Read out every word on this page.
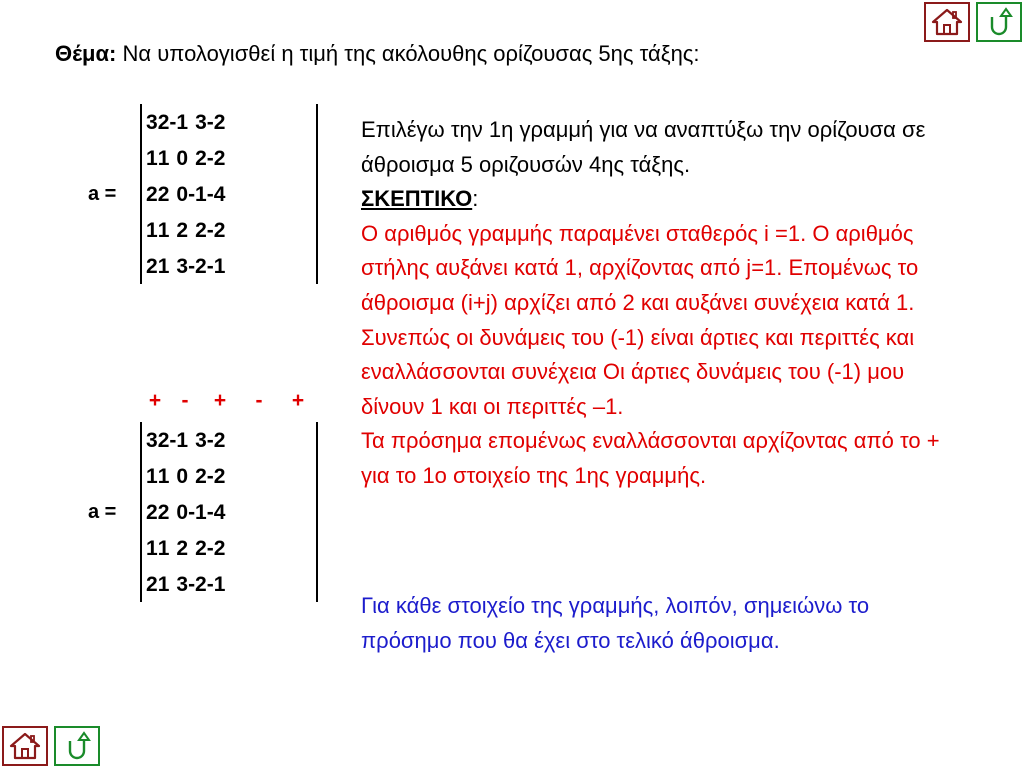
Θέμα: Να υπολογισθεί η τιμή της ακόλουθης ορίζουσας 5ης τάξης:
a =
3	2	-1	3	-2
1	1	0	2	-2
2	2	0	-1	-4
1	1	2	2	-2
2	1	3	-2	-1
+ -	+	-	+
a =
3	2	-1	3	-2
1	1	0	2	-2
2	2	0	-1	-4
1	1	2	2	-2
2	1	3	-2	-1
Επιλέγω την 1η γραμμή για να αναπτύξω την ορίζουσα σε άθροισμα 5 οριζουσών 4ης τάξης.
ΣΚΕΠΤΙΚΟ:
Ο αριθμός γραμμής παραμένει σταθερός i =1. Ο αριθμός στήλης αυξάνει κατά 1, αρχίζοντας από j=1. Επομένως το άθροισμα (i+j) αρχίζει από 2 και αυξάνει συνέχεια κατά 1. Συνεπώς οι δυνάμεις του (-1) είναι άρτιες και περιττές και εναλλάσσονται συνέχεια Οι άρτιες δυνάμεις του (-1) μου δίνουν 1 και οι περιττές –1.
Τα πρόσημα επομένως εναλλάσσονται αρχίζοντας από το + για το 1ο στοιχείο της 1ης γραμμής.
Για κάθε στοιχείο της γραμμής, λοιπόν, σημειώνω το πρόσημο που θα έχει στο τελικό άθροισμα.
